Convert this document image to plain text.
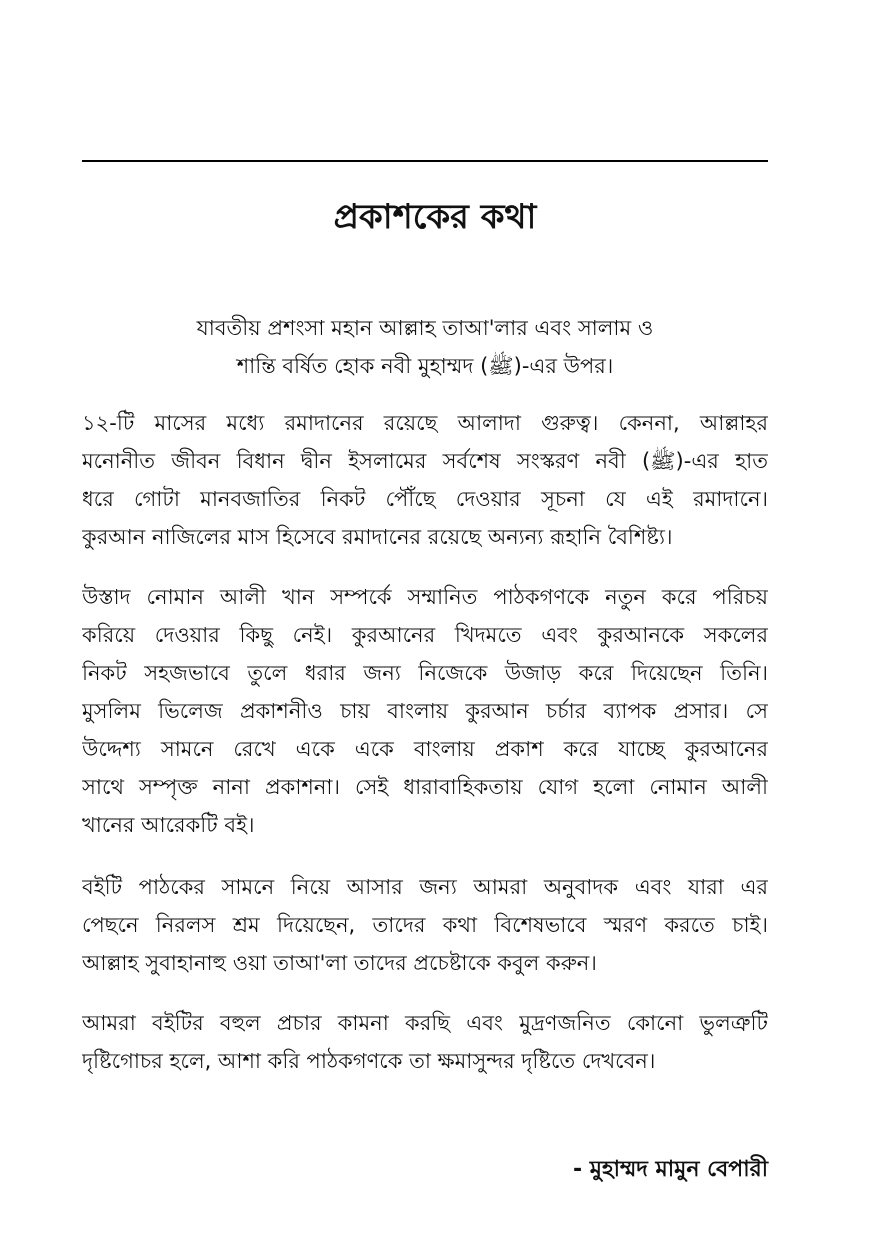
প্রকাশকের কথা
যাবতীয় প্রশংসা মহান আল্লাহ তাআ'লার এবং সালাম ও
শান্তি বর্ষিত হোক নবী মুহাম্মদ (ﷺ)-এর উপর।
১২-টি মাসের মধ্যে রমাদানের রয়েছে আলাদা গুরুত্ব। কেননা, আল্লাহর
মনোনীত জীবন বিধান দ্বীন ইসলামের সর্বশেষ সংস্করণ নবী (ﷺ)-এর হাত
ধরে গোটা মানবজাতির নিকট পৌঁছে দেওয়ার সূচনা যে এই রমাদানে।
কুরআন নাজিলের মাস হিসেবে রমাদানের রয়েছে অন্যন্য রূহানি বৈশিষ্ট্য।
উস্তাদ নোমান আলী খান সম্পর্কে সম্মানিত পাঠকগণকে নতুন করে পরিচয়
করিয়ে দেওয়ার কিছু নেই। কুরআনের খিদমতে এবং কুরআনকে সকলের
নিকট সহজভাবে তুলে ধরার জন্য নিজেকে উজাড় করে দিয়েছেন তিনি।
মুসলিম ভিলেজ প্রকাশনীও চায় বাংলায় কুরআন চর্চার ব্যাপক প্রসার। সে
উদ্দেশ্য সামনে রেখে একে একে বাংলায় প্রকাশ করে যাচ্ছে কুরআনের
সাথে সম্পৃক্ত নানা প্রকাশনা। সেই ধারাবাহিকতায় যোগ হলো নোমান আলী
খানের আরেকটি বই।
বইটি পাঠকের সামনে নিয়ে আসার জন্য আমরা অনুবাদক এবং যারা এর
পেছনে নিরলস শ্রম দিয়েছেন, তাদের কথা বিশেষভাবে স্মরণ করতে চাই।
আল্লাহ সুবাহানাহু ওয়া তাআ'লা তাদের প্রচেষ্টাকে কবুল করুন।
আমরা বইটির বহুল প্রচার কামনা করছি এবং মুদ্রণজনিত কোনো ভুলত্রুটি
দৃষ্টিগোচর হলে, আশা করি পাঠকগণকে তা ক্ষমাসুন্দর দৃষ্টিতে দেখবেন।
- মুহাম্মদ মামুন বেপারী
